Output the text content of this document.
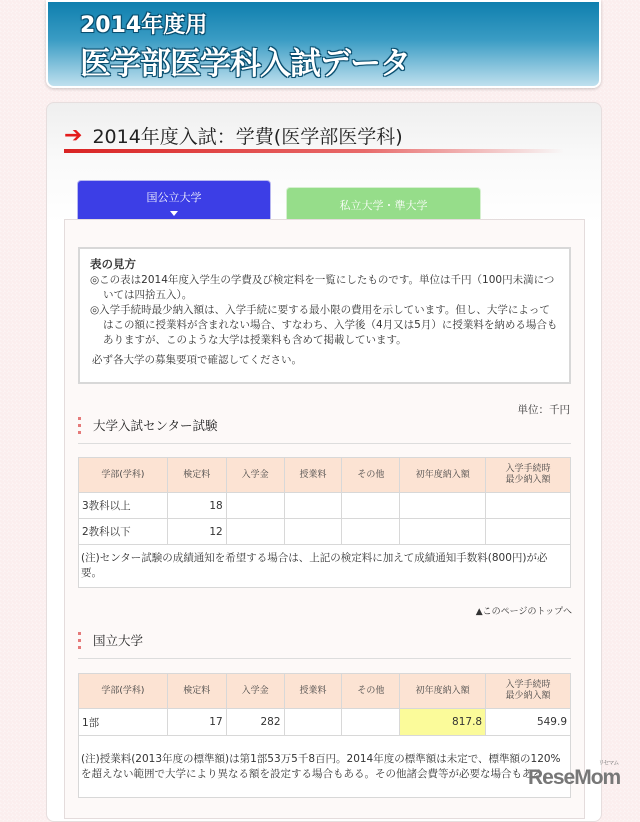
2014年度用
医学部医学科入試データ
➔ 2014年度入試：学費(医学部医学科)
国公立大学
私立大学・準大学
表の見方

◎この表は2014年度入学生の学費及び検定料を一覧にしたものです。単位は千円（100円未満については四捨五入）。

◎入学手続時最少納入額は、入学手続に要する最小限の費用を示しています。但し、大学によってはこの額に授業料が含まれない場合、すなわち、入学後（4月又は5月）に授業料を納める場合もありますが、このような大学は授業料も含めて掲載しています。

必ず各大学の募集要項で確認してください。

単位：千円
大学入試センター試験
学部(学科)	検定料	入学金	授業料	その他	初年度納入額	入学手続時
最少納入額
3教科以上	18					
2教科以下	12					
(注)センター試験の成績通知を希望する場合は、上記の検定料に加えて成績通知手数料(800円)が必要。						
▲このページのトップへ
国立大学
学部(学科)	検定料	入学金	授業料	その他	初年度納入額	入学手続時
最少納入額
1部	17	282			817.8	549.9
(注)授業料(2013年度の標準額)は第1部53万5千8百円。2014年度の標準額は未定で、標準額の120%を超えない範囲で大学により異なる額を設定する場合もある。その他諸会費等が必要な場合もある。						
リセマム
ReseMom
